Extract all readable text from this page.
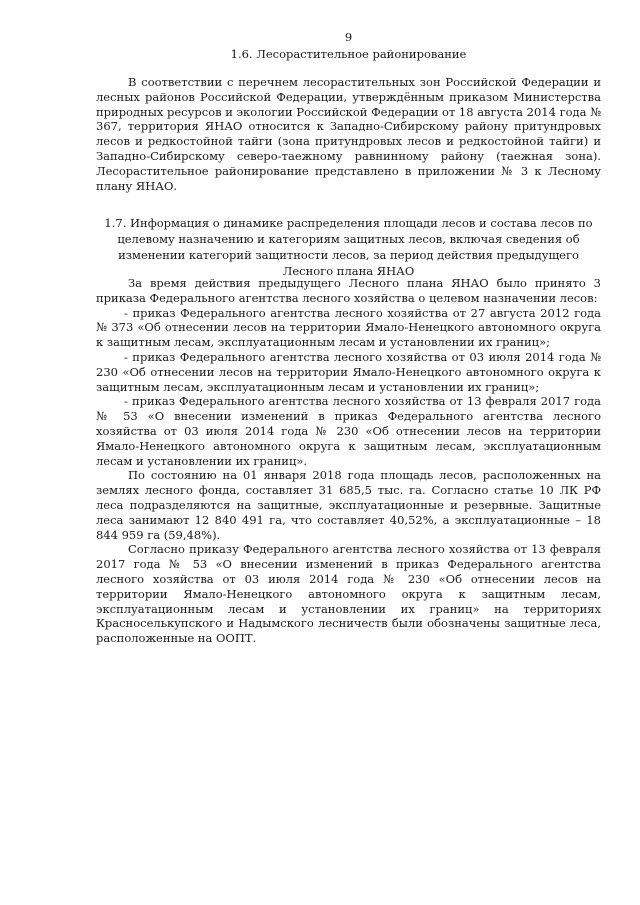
9
1.6. Лесорастительное районирование

В соответствии с перечнем лесорастительных зон Российской Федерации и лесных районов Российской Федерации, утверждённым приказом Министерства природных ресурсов и экологии Российской Федерации от 18 августа 2014 года № 367, территория ЯНАО относится к Западно-Сибирскому району притундровых лесов и редкостойной тайги (зона притундровых лесов и редкостойной тайги) и Западно-Сибирскому северо-таежному равнинному району (таежная зона). Лесорастительное районирование представлено в приложении № 3 к Лесному плану ЯНАО.

1.7. Информация о динамике распределения площади лесов и состава лесов по целевому назначению и категориям защитных лесов, включая сведения об изменении категорий защитности лесов, за период действия предыдущего Лесного плана ЯНАО

За время действия предыдущего Лесного плана ЯНАО было принято 3 приказа Федерального агентства лесного хозяйства о целевом назначении лесов:

- приказ Федерального агентства лесного хозяйства от 27 августа 2012 года № 373 «Об отнесении лесов на территории Ямало-Ненецкого автономного округа к защитным лесам, эксплуатационным лесам и установлении их границ»;

- приказ Федерального агентства лесного хозяйства от 03 июля 2014 года № 230 «Об отнесении лесов на территории Ямало-Ненецкого автономного округа к защитным лесам, эксплуатационным лесам и установлении их границ»;

- приказ Федерального агентства лесного хозяйства от 13 февраля 2017 года № 53 «О внесении изменений в приказ Федерального агентства лесного хозяйства от 03 июля 2014 года № 230 «Об отнесении лесов на территории Ямало-Ненецкого автономного округа к защитным лесам, эксплуатационным лесам и установлении их границ».

По состоянию на 01 января 2018 года площадь лесов, расположенных на землях лесного фонда, составляет 31 685,5 тыс. га. Согласно статье 10 ЛК РФ леса подразделяются на защитные, эксплуатационные и резервные. Защитные леса занимают 12 840 491 га, что составляет 40,52%, а эксплуатационные – 18 844 959 га (59,48%).

Согласно приказу Федерального агентства лесного хозяйства от 13 февраля 2017 года № 53 «О внесении изменений в приказ Федерального агентства лесного хозяйства от 03 июля 2014 года № 230 «Об отнесении лесов на территории Ямало-Ненецкого автономного округа к защитным лесам, эксплуатационным лесам и установлении их границ» на территориях Красноселькупского и Надымского лесничеств были обозначены защитные леса, расположенные на ООПТ.
